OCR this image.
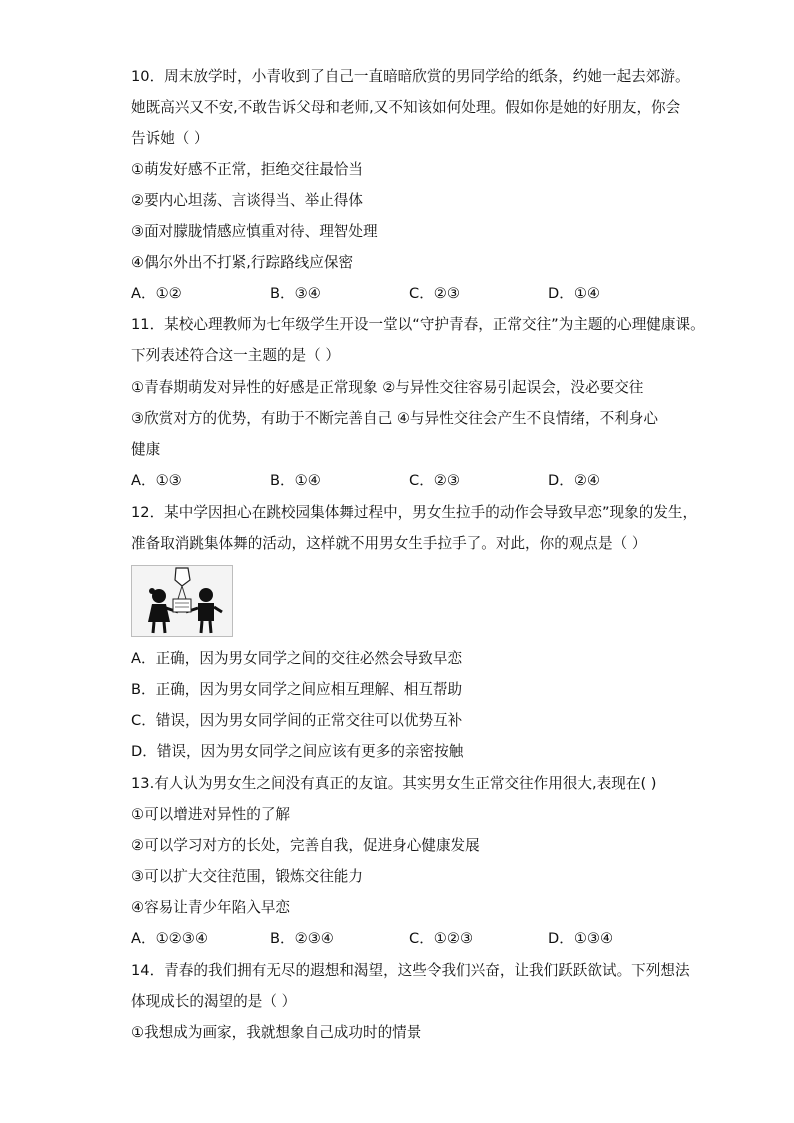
10．周末放学时，小青收到了自己一直暗暗欣赏的男同学给的纸条，约她一起去郊游。
她既高兴又不安,不敢告诉父母和老师,又不知该如何处理。假如你是她的好朋友，你会
告诉她（ ）
①萌发好感不正常，拒绝交往最恰当
②要内心坦荡、言谈得当、举止得体
③面对朦胧情感应慎重对待、理智处理
④偶尔外出不打紧,行踪路线应保密
A．①②	B．③④	C．②③	D．①④
11．某校心理教师为七年级学生开设一堂以“守护青春，正常交往”为主题的心理健康课。
下列表述符合这一主题的是（ ）
①青春期萌发对异性的好感是正常现象 ②与异性交往容易引起误会，没必要交往
③欣赏对方的优势，有助于不断完善自己 ④与异性交往会产生不良情绪，不利身心
健康
A．①③	B．①④	C．②③	D．②④
12．某中学因担心在跳校园集体舞过程中，男女生拉手的动作会导致早恋”现象的发生，
准备取消跳集体舞的活动，这样就不用男女生手拉手了。对此，你的观点是（ ）
A．正确，因为男女同学之间的交往必然会导致早恋
B．正确，因为男女同学之间应相互理解、相互帮助
C．错误，因为男女同学间的正常交往可以优势互补
D．错误，因为男女同学之间应该有更多的亲密按触
13.有人认为男女生之间没有真正的友谊。其实男女生正常交往作用很大,表现在( )
①可以增进对异性的了解
②可以学习对方的长处，完善自我，促进身心健康发展
③可以扩大交往范围，锻炼交往能力
④容易让青少年陷入早恋
A．①②③④	B．②③④	C．①②③	D．①③④
14．青春的我们拥有无尽的遐想和渴望，这些令我们兴奋，让我们跃跃欲试。下列想法
体现成长的渴望的是（ ）
①我想成为画家，我就想象自己成功时的情景
